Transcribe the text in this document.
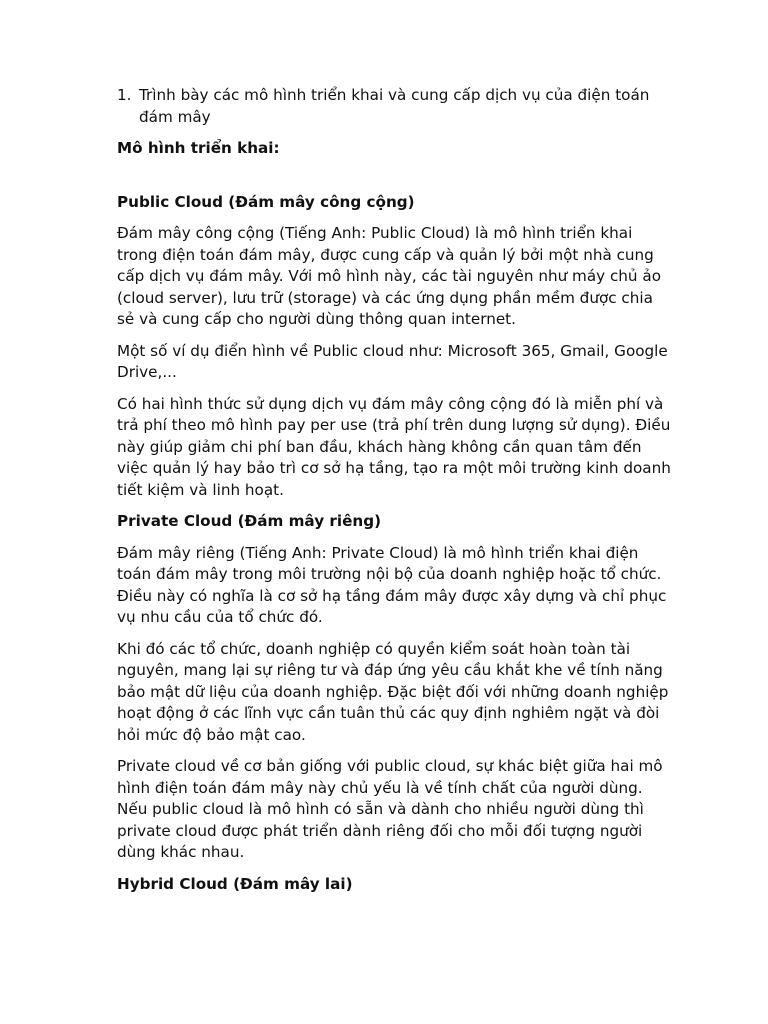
1. Trình bày các mô hình triển khai và cung cấp dịch vụ của điện toán đám mây
Mô hình triển khai:
Public Cloud (Đám mây công cộng)

Đám mây công cộng (Tiếng Anh: Public Cloud) là mô hình triển khai trong điện toán đám mây, được cung cấp và quản lý bởi một nhà cung cấp dịch vụ đám mây. Với mô hình này, các tài nguyên như máy chủ ảo (cloud server), lưu trữ (storage) và các ứng dụng phần mềm được chia sẻ và cung cấp cho người dùng thông quan internet.

Một số ví dụ điển hình về Public cloud như: Microsoft 365, Gmail, Google Drive,...

Có hai hình thức sử dụng dịch vụ đám mây công cộng đó là miễn phí và trả phí theo mô hình pay per use (trả phí trên dung lượng sử dụng). Điều này giúp giảm chi phí ban đầu, khách hàng không cần quan tâm đến việc quản lý hay bảo trì cơ sở hạ tầng, tạo ra một môi trường kinh doanh tiết kiệm và linh hoạt.

Private Cloud (Đám mây riêng)

Đám mây riêng (Tiếng Anh: Private Cloud) là mô hình triển khai điện toán đám mây trong môi trường nội bộ của doanh nghiệp hoặc tổ chức. Điều này có nghĩa là cơ sở hạ tầng đám mây được xây dựng và chỉ phục vụ nhu cầu của tổ chức đó.

Khi đó các tổ chức, doanh nghiệp có quyền kiểm soát hoàn toàn tài nguyên, mang lại sự riêng tư và đáp ứng yêu cầu khắt khe về tính năng bảo mật dữ liệu của doanh nghiệp. Đặc biệt đối với những doanh nghiệp hoạt động ở các lĩnh vực cần tuân thủ các quy định nghiêm ngặt và đòi hỏi mức độ bảo mật cao.

Private cloud về cơ bản giống với public cloud, sự khác biệt giữa hai mô hình điện toán đám mây này chủ yếu là về tính chất của người dùng. Nếu public cloud là mô hình có sẵn và dành cho nhiều người dùng thì private cloud được phát triển dành riêng đối cho mỗi đối tượng người dùng khác nhau.

Hybrid Cloud (Đám mây lai)
